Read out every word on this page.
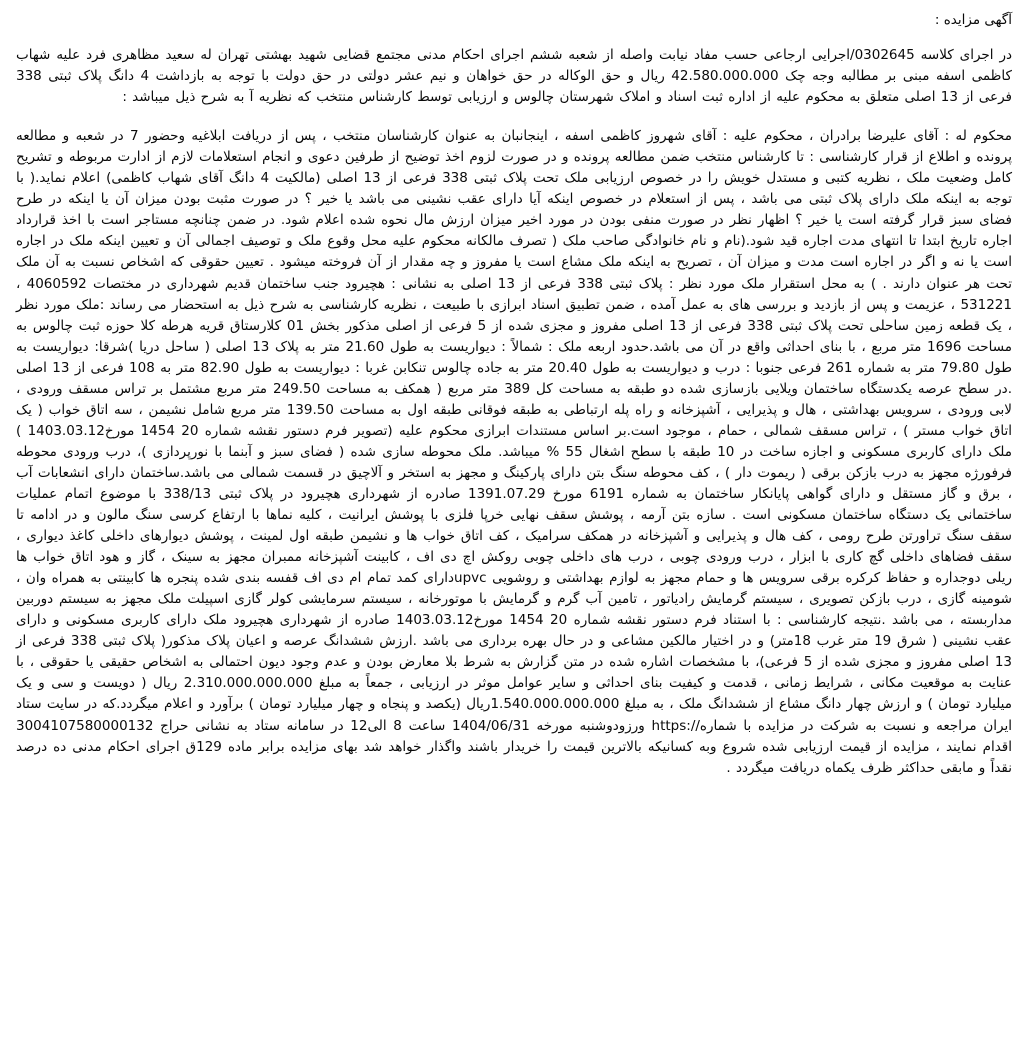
آگهی مزایده :

در اجرای کلاسه 0302645/اجرایی ارجاعی حسب مفاد نیابت واصله از شعبه ششم اجرای احکام مدنی مجتمع قضایی شهید بهشتی تهران له سعید مظاهری فرد علیه شهاب کاظمی اسفه مبنی بر مطالبه وجه چک 42.580.000.000 ریال و حق الوکاله در حق خواهان و نیم عشر دولتی در حق دولت با توجه به بازداشت 4 دانگ پلاک ثبتی 338 فرعی از 13 اصلی متعلق به محکوم علیه از اداره ثبت اسناد و املاک شهرستان چالوس و ارزیابی توسط کارشناس منتخب که نظریه آ به شرح ذیل میباشد :

محکوم له : آقای علیرضا برادران ، محکوم علیه : آقای شهروز کاظمی اسفه ، اینجانبان به عنوان کارشناسان منتخب ، پس از دریافت ابلاغیه وحضور 7 در شعبه و مطالعه پرونده و اطلاع از قرار کارشناسی : تا کارشناس منتخب ضمن مطالعه پرونده و در صورت لزوم اخذ توضیح از طرفین دعوی و انجام استعلامات لازم از ادارت مربوطه و تشریح کامل وضعیت ملک ، نظریه کتبی و مستدل خویش را در خصوص ارزیابی ملک تحت پلاک ثبتی 338 فرعی از 13 اصلی (مالکیت 4 دانگ آقای شهاب کاظمی) اعلام نماید.( با توجه به اینکه ملک دارای پلاک ثبتی می باشد ، پس از استعلام در خصوص اینکه آیا دارای عقب نشینی می باشد یا خیر ؟ در صورت مثبت بودن میزان آن یا اینکه در طرح فضای سبز قرار گرفته است یا خیر ؟ اظهار نظر در صورت منفی بودن در مورد اخیر میزان ارزش مال نحوه شده اعلام شود. در ضمن چنانچه مستاجر است با اخذ قرارداد اجاره تاریخ ابتدا تا انتهای مدت اجاره قید شود.(نام و نام خانوادگی صاحب ملک ( تصرف مالکانه محکوم علیه محل وقوع ملک و توصیف اجمالی آن و تعیین اینکه ملک در اجاره است یا نه و اگر در اجاره است مدت و میزان آن ، تصریح به اینکه ملک مشاع است یا مفروز و چه مقدار از آن فروخته میشود . تعیین حقوقی که اشخاص نسبت به آن ملک تحت هر عنوان دارند . ) به محل استقرار ملک مورد نظر : پلاک ثبتی 338 فرعی از 13 اصلی به نشانی : هچیرود جنب ساختمان قدیم شهرداری در مختصات 4060592 ، 531221 ، عزیمت و پس از بازدید و بررسی های به عمل آمده ، ضمن تطبیق اسناد ابرازی با طبیعت ، نظریه کارشناسی به شرح ذیل به استحضار می رساند :ملک مورد نظر ، یک قطعه زمین ساحلی تحت پلاک ثبتی 338 فرعی از 13 اصلی مفروز و مجزی شده از 5 فرعی از اصلی مذکور بخش 01 کلارستاق قریه هرطه کلا حوزه ثبت چالوس به مساحت 1696 متر مربع ، با بنای احداثی واقع در آن می باشد.حدود اربعه ملک : شمالاً : دیواریست به طول 21.60 متر به پلاک 13 اصلی ( ساحل دریا )شرقا: دیواریست به طول 79.80 متر به شماره 261 فرعی جنوبا : درب و دیواریست به طول 20.40 متر به جاده چالوس تنکابن غربا : دیواریست به طول 82.90 متر به 108 فرعی از 13 اصلی .در سطح عرصه یکدستگاه ساختمان ویلایی بازسازی شده دو طبقه به مساحت کل 389 متر مربع ( همکف به مساحت 249.50 متر مربع مشتمل بر تراس مسقف ورودی ، لابی ورودی ، سرویس بهداشتی ، هال و پذیرایی ، آشپزخانه و راه پله ارتباطی به طبقه فوقانی طبقه اول به مساحت 139.50 متر مربع شامل نشیمن ، سه اتاق خواب ( یک اتاق خواب مستر ) ، تراس مسقف شمالی ، حمام ، موجود است.بر اساس مستندات ابرازی محکوم علیه (تصویر فرم دستور نقشه شماره 20 1454 مورخ1403.03.12 ) ملک دارای کاربری مسکونی و اجازه ساخت در 10 طبقه با سطح اشغال 55 % میباشد. ملک محوطه سازی شده ( فضای سبز و آبنما با نورپردازی )، درب ورودی محوطه فرفورژه مجهز به درب بازکن برقی ( ریموت دار ) ، کف محوطه سنگ بتن دارای پارکینگ و مجهز به استخر و آلاچیق در قسمت شمالی می باشد.ساختمان دارای انشعابات آب ، برق و گاز مستقل و دارای گواهی پایانکار ساختمان به شماره 6191 مورخ 1391.07.29 صادره از شهرداری هچیرود در پلاک ثبتی 338/13 با موضوع اتمام عملیات ساختمانی یک دستگاه ساختمان مسکونی است . سازه بتن آرمه ، پوشش سقف نهایی خرپا فلزی با پوشش ایرانیت ، کلیه نماها با ارتفاع کرسی سنگ مالون و در ادامه تا سقف سنگ تراورتن طرح رومی ، کف هال و پذیرایی و آشپزخانه در همکف سرامیک ، کف اتاق خواب ها و نشیمن طبقه اول لمینت ، پوشش دیوارهای داخلی کاغذ دیواری ، سقف فضاهای داخلی گچ کاری با ابزار ، درب ورودی چوبی ، درب های داخلی چوبی روکش اچ دی اف ، کابینت آشپزخانه ممبران مجهز به سینک ، گاز و هود اتاق خواب ها ریلی دوجداره و حفاظ کرکره برقی سرویس ها و حمام مجهز به لوازم بهداشتی و روشویی upvcدارای کمد تمام ام دی اف قفسه بندی شده پنجره ها کابینتی به همراه وان ، شومینه گازی ، درب بازکن تصویری ، سیستم گرمایش رادیاتور ، تامین آب گرم و گرمایش با موتورخانه ، سیستم سرمایشی کولر گازی اسپیلت ملک مجهز به سیستم دوربین مداربسته ، می باشد .نتیجه کارشناسی : با استناد فرم دستور نقشه شماره 20 1454 مورخ1403.03.12 صادره از شهرداری هچیرود ملک دارای کاربری مسکونی و دارای عقب نشینی ( شرق 19 متر غرب 18متر) و در اختیار مالکین مشاعی و در حال بهره برداری می باشد .ارزش ششدانگ عرصه و اعیان پلاک مذکور( پلاک ثبتی 338 فرعی از 13 اصلی مفروز و مجزی شده از 5 فرعی)، با مشخصات اشاره شده در متن گزارش به شرط بلا معارض بودن و عدم وجود دیون احتمالی به اشخاص حقیقی یا حقوقی ، با عنایت به موقعیت مکانی ، شرایط زمانی ، قدمت و کیفیت بنای احداثی و سایر عوامل موثر در ارزیابی ، جمعاً به مبلغ 2.310.000.000.000 ریال ( دویست و سی و یک میلیارد تومان ) و ارزش چهار دانگ مشاع از ششدانگ ملک ، به مبلغ 1.540.000.000.000ریال (یکصد و پنجاه و چهار میلیارد تومان ) برآورد و اعلام میگردد.که در سایت ستاد ایران مراجعه و نسبت به شرکت در مزایده با شماره//:https ورزودوشنبه مورخه 1404/06/31 ساعت 8 الی12 در سامانه ستاد به نشانی حراج 3004107580000132 اقدام نمایند ، مزایده از قیمت ارزیابی شده شروع وبه کسانیکه بالاترین قیمت را خریدار باشند واگذار خواهد شد بهای مزایده برابر ماده 129ق اجرای احکام مدنی ده درصد نقداً و مابقی حداکثر ظرف یکماه دریافت میگردد .
